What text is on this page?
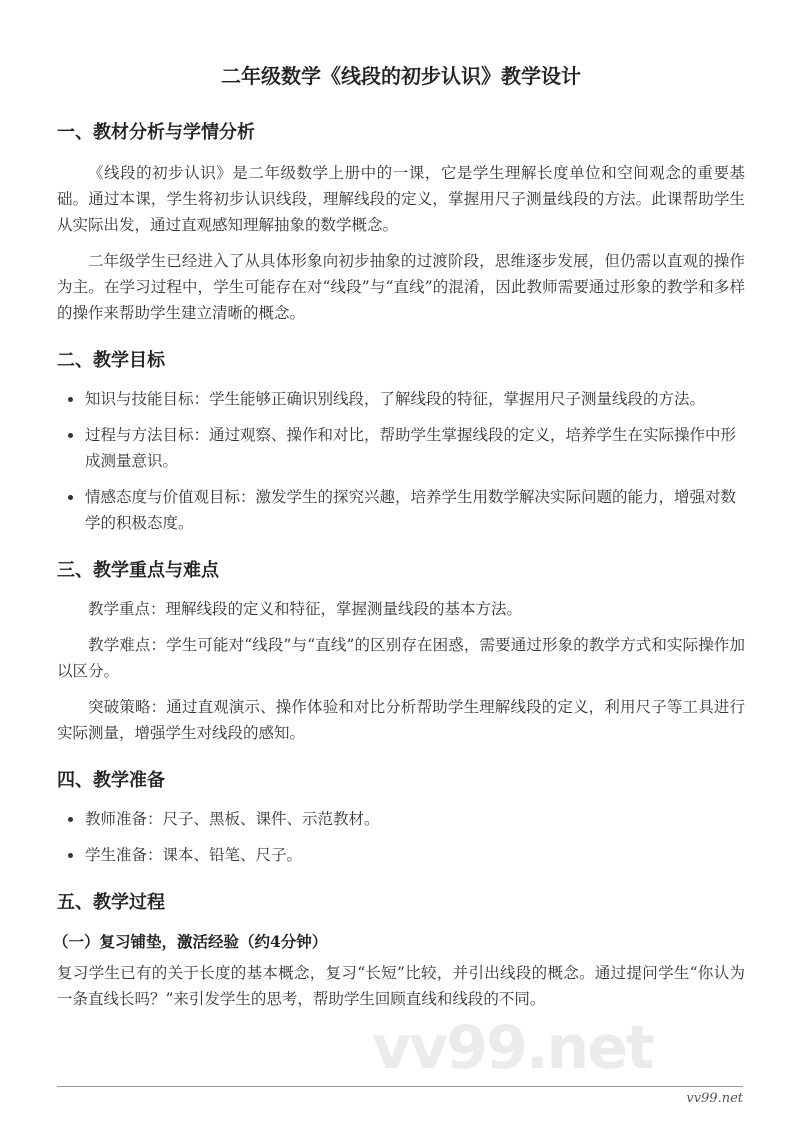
二年级数学《线段的初步认识》教学设计
一、教材分析与学情分析

《线段的初步认识》是二年级数学上册中的一课，它是学生理解长度单位和空间观念的重要基础。通过本课，学生将初步认识线段，理解线段的定义，掌握用尺子测量线段的方法。此课帮助学生从实际出发，通过直观感知理解抽象的数学概念。

二年级学生已经进入了从具体形象向初步抽象的过渡阶段，思维逐步发展，但仍需以直观的操作为主。在学习过程中，学生可能存在对“线段”与“直线”的混淆，因此教师需要通过形象的教学和多样的操作来帮助学生建立清晰的概念。

二、教学目标
知识与技能目标：学生能够正确识别线段，了解线段的特征，掌握用尺子测量线段的方法。
过程与方法目标：通过观察、操作和对比，帮助学生掌握线段的定义，培养学生在实际操作中形成测量意识。
情感态度与价值观目标：激发学生的探究兴趣，培养学生用数学解决实际问题的能力，增强对数学的积极态度。
三、教学重点与难点

教学重点：理解线段的定义和特征，掌握测量线段的基本方法。

教学难点：学生可能对“线段”与“直线”的区别存在困惑，需要通过形象的教学方式和实际操作加以区分。

突破策略：通过直观演示、操作体验和对比分析帮助学生理解线段的定义，利用尺子等工具进行实际测量，增强学生对线段的感知。

四、教学准备
教师准备：尺子、黑板、课件、示范教材。
学生准备：课本、铅笔、尺子。
五、教学过程
（一）复习铺垫，激活经验（约4分钟）

复习学生已有的关于长度的基本概念，复习“长短”比较，并引出线段的概念。通过提问学生“你认为一条直线长吗？”来引发学生的思考，帮助学生回顾直线和线段的不同。

vv99.net
vv99.net
